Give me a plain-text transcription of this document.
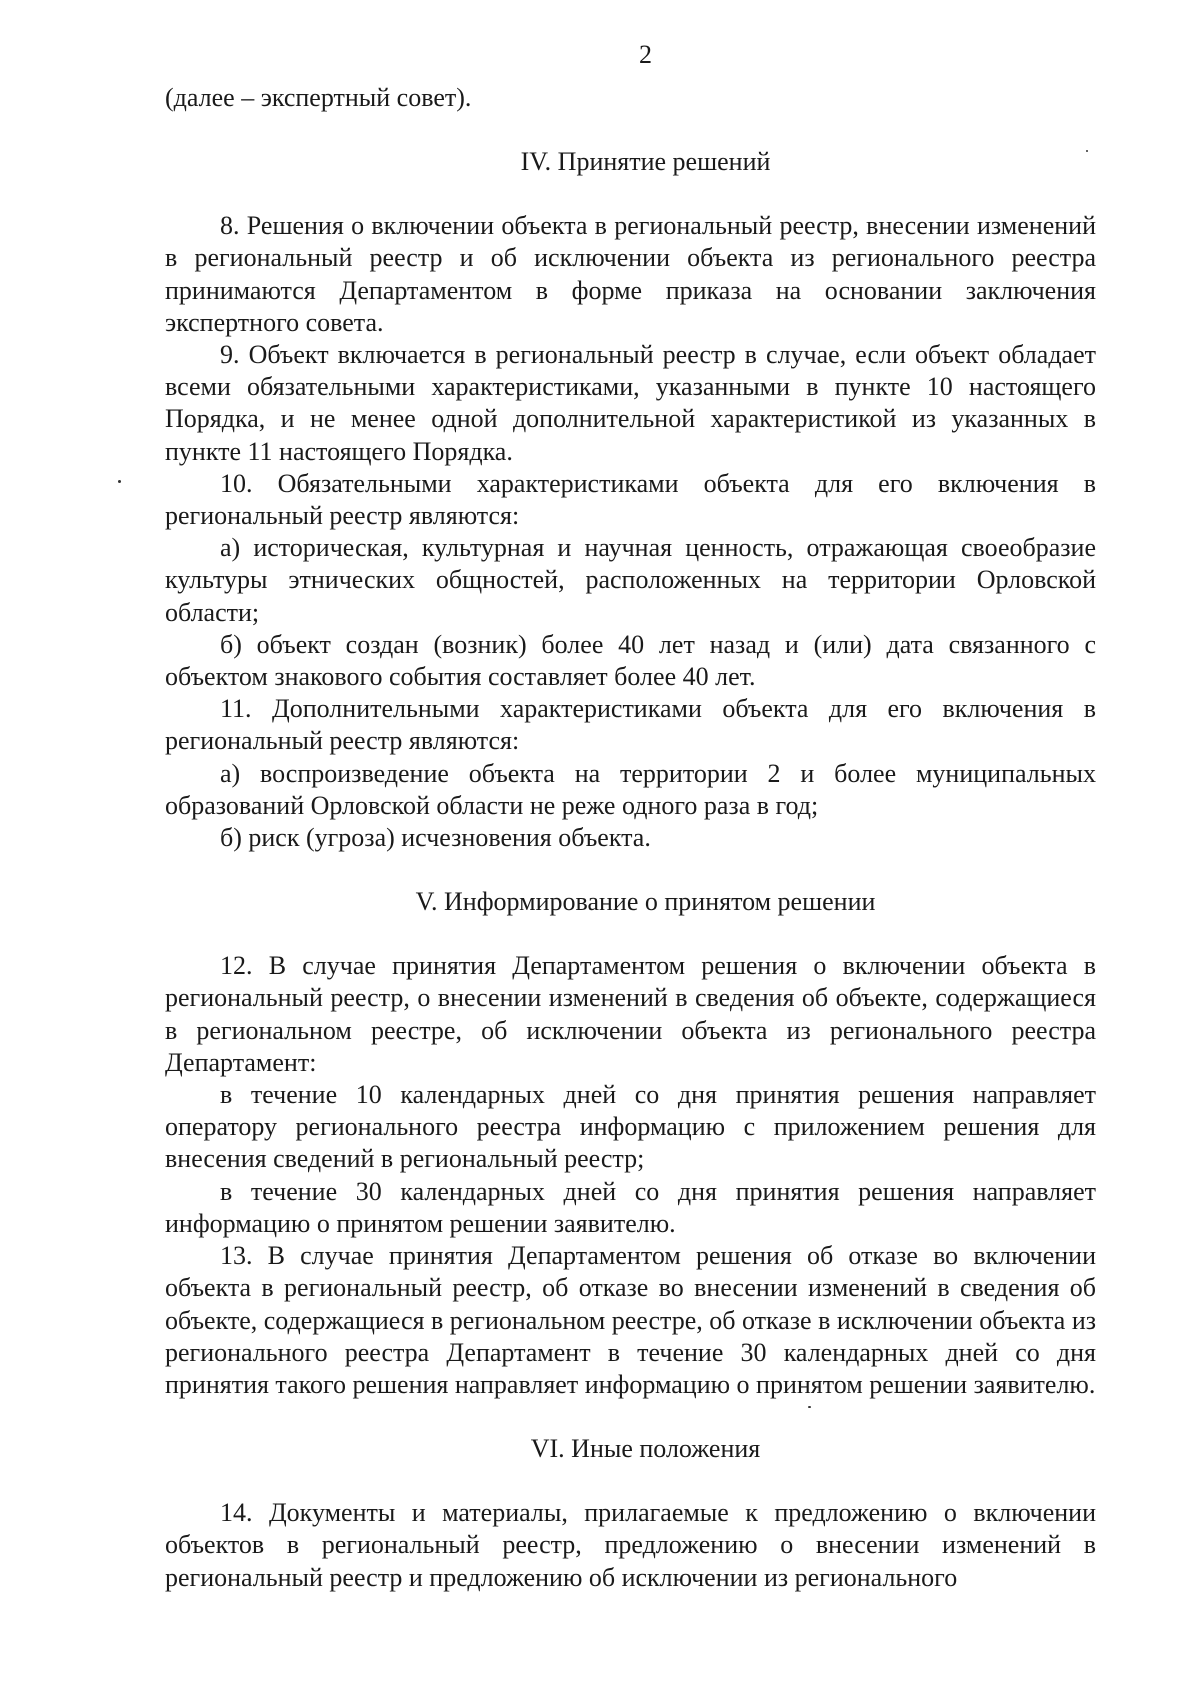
2

(далее – экспертный совет).

IV. Принятие решений

8. Решения о включении объекта в региональный реестр, внесении изменений в региональный реестр и об исключении объекта из регионального реестра принимаются Департаментом в форме приказа на основании заключения экспертного совета.

9. Объект включается в региональный реестр в случае, если объект обладает всеми обязательными характеристиками, указанными в пункте 10 настоящего Порядка, и не менее одной дополнительной характеристикой из указанных в пункте 11 настоящего Порядка.

10. Обязательными характеристиками объекта для его включения в региональный реестр являются:

а) историческая, культурная и научная ценность, отражающая своеобразие культуры этнических общностей, расположенных на территории Орловской области;

б) объект создан (возник) более 40 лет назад и (или) дата связанного с объектом знакового события составляет более 40 лет.

11. Дополнительными характеристиками объекта для его включения в региональный реестр являются:

а) воспроизведение объекта на территории 2 и более муниципальных образований Орловской области не реже одного раза в год;

б) риск (угроза) исчезновения объекта.

V. Информирование о принятом решении

12. В случае принятия Департаментом решения о включении объекта в региональный реестр, о внесении изменений в сведения об объекте, содержащиеся в региональном реестре, об исключении объекта из регионального реестра Департамент:

в течение 10 календарных дней со дня принятия решения направляет оператору регионального реестра информацию с приложением решения для внесения сведений в региональный реестр;

в течение 30 календарных дней со дня принятия решения направляет информацию о принятом решении заявителю.

13. В случае принятия Департаментом решения об отказе во включении объекта в региональный реестр, об отказе во внесении изменений в сведения об объекте, содержащиеся в региональном реестре, об отказе в исключении объекта из регионального реестра Департамент в течение 30 календарных дней со дня принятия такого решения направляет информацию о принятом решении заявителю.

VI. Иные положения

14. Документы и материалы, прилагаемые к предложению о включении объектов в региональный реестр, предложению о внесении изменений в региональный реестр и предложению об исключении из регионального
